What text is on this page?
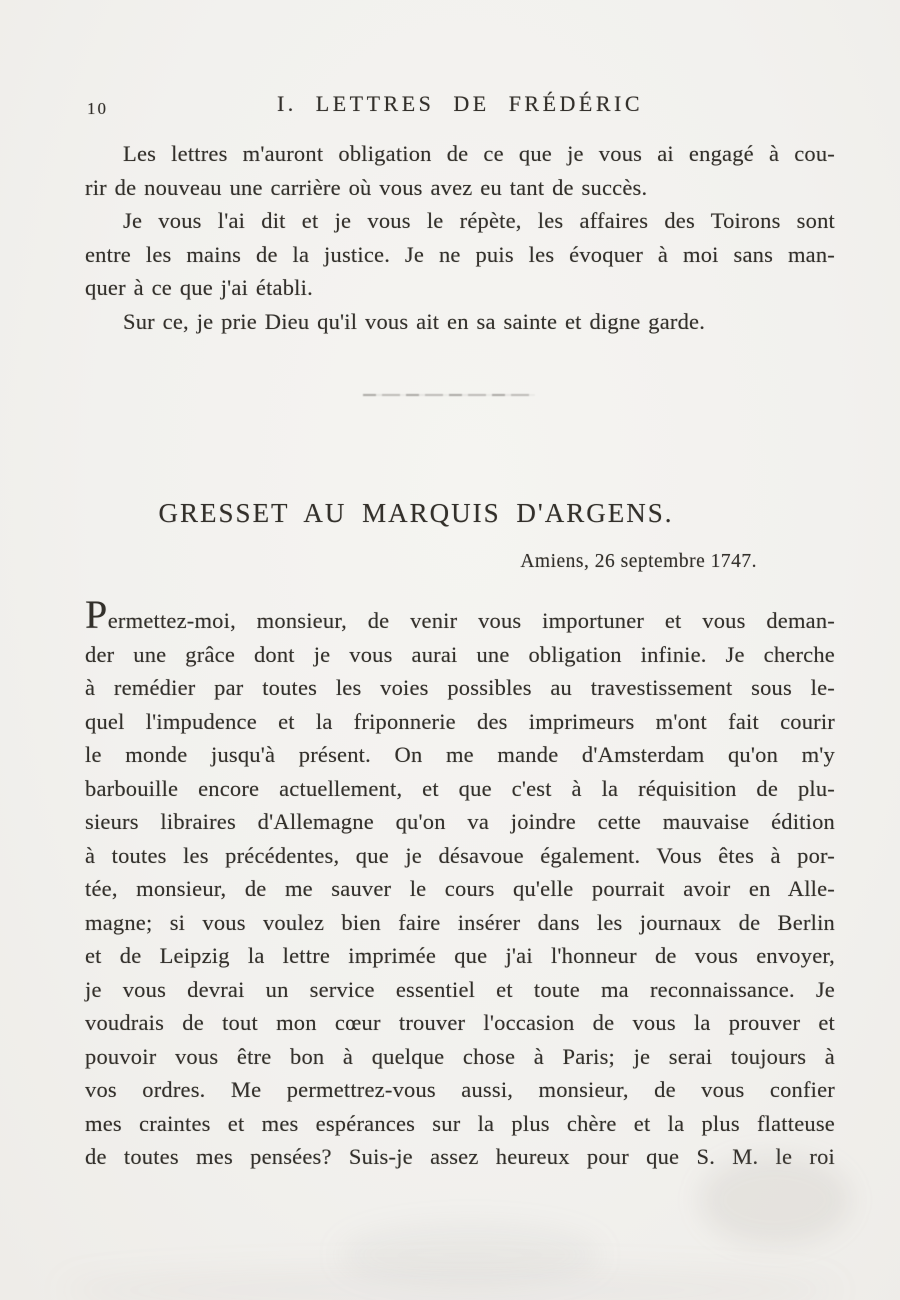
10	I. LETTRES DE FRÉDÉRIC
Les lettres m'auront obligation de ce que je vous ai engagé à cou-
rir de nouveau une carrière où vous avez eu tant de succès.
Je vous l'ai dit et je vous le répète, les affaires des Toirons sont
entre les mains de la justice. Je ne puis les évoquer à moi sans man-
quer à ce que j'ai établi.
Sur ce, je prie Dieu qu'il vous ait en sa sainte et digne garde.
GRESSET AU MARQUIS D'ARGENS.
Amiens, 26 septembre 1747.
Permettez-moi, monsieur, de venir vous importuner et vous deman-
der une grâce dont je vous aurai une obligation infinie. Je cherche
à remédier par toutes les voies possibles au travestissement sous le-
quel l'impudence et la friponnerie des imprimeurs m'ont fait courir
le monde jusqu'à présent. On me mande d'Amsterdam qu'on m'y
barbouille encore actuellement, et que c'est à la réquisition de plu-
sieurs libraires d'Allemagne qu'on va joindre cette mauvaise édition
à toutes les précédentes, que je désavoue également. Vous êtes à por-
tée, monsieur, de me sauver le cours qu'elle pourrait avoir en Alle-
magne; si vous voulez bien faire insérer dans les journaux de Berlin
et de Leipzig la lettre imprimée que j'ai l'honneur de vous envoyer,
je vous devrai un service essentiel et toute ma reconnaissance. Je
voudrais de tout mon cœur trouver l'occasion de vous la prouver et
pouvoir vous être bon à quelque chose à Paris; je serai toujours à
vos ordres. Me permettrez-vous aussi, monsieur, de vous confier
mes craintes et mes espérances sur la plus chère et la plus flatteuse
de toutes mes pensées? Suis-je assez heureux pour que S. M. le roi
